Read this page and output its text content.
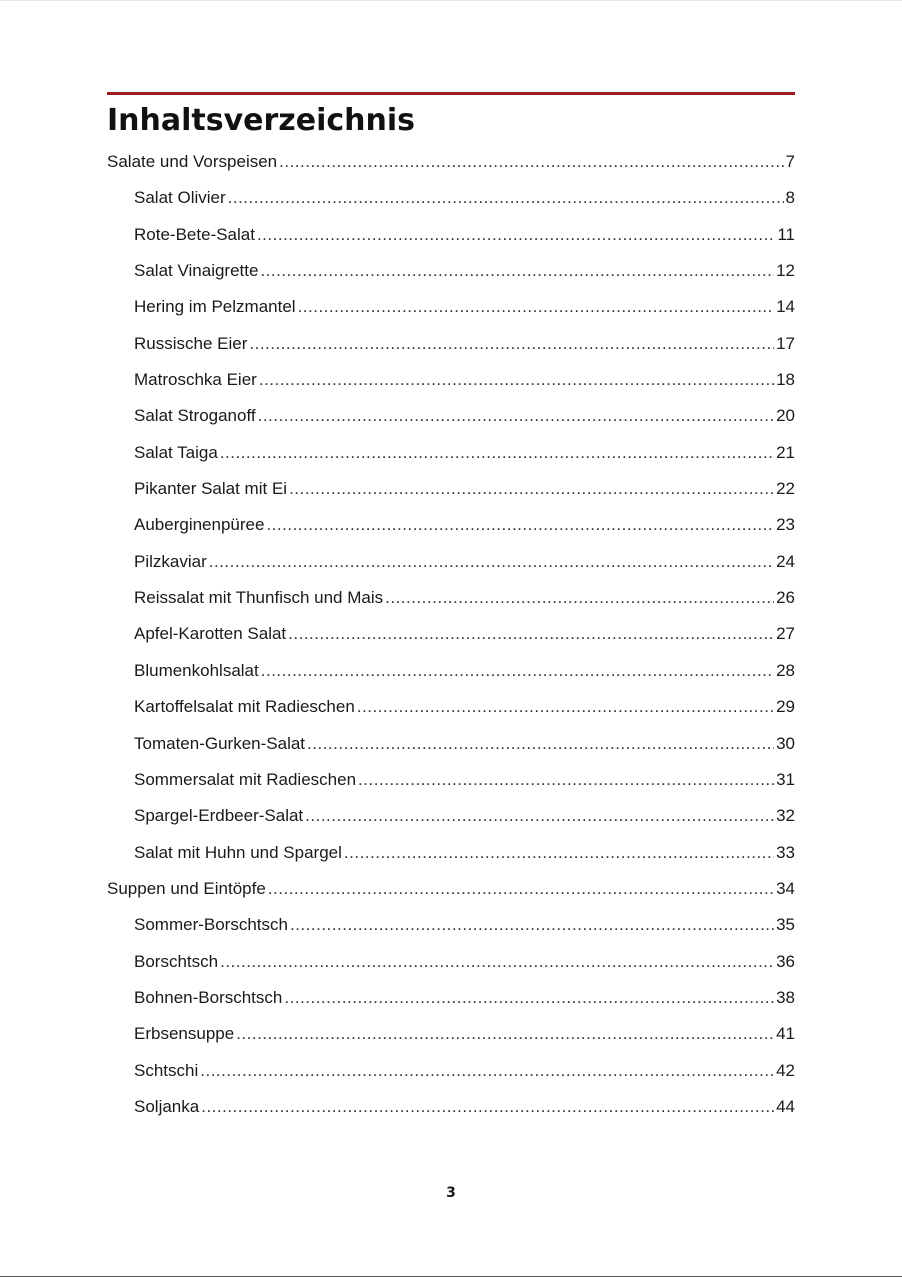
Inhaltsverzeichnis
Salate und Vorspeisen .....	7
Salat Olivier .....	8
Rote-Bete-Salat .....	11
Salat Vinaigrette .....	12
Hering im Pelzmantel .....	14
Russische Eier .....	17
Matroschka Eier .....	18
Salat Stroganoff .....	20
Salat Taiga .....	21
Pikanter Salat mit Ei .....	22
Auberginenpüree .....	23
Pilzkaviar .....	24
Reissalat mit Thunfisch und Mais .....	26
Apfel-Karotten Salat .....	27
Blumenkohlsalat .....	28
Kartoffelsalat mit Radieschen .....	29
Tomaten-Gurken-Salat .....	30
Sommersalat mit Radieschen .....	31
Spargel-Erdbeer-Salat .....	32
Salat mit Huhn und Spargel .....	33
Suppen und Eintöpfe .....	34
Sommer-Borschtsch .....	35
Borschtsch .....	36
Bohnen-Borschtsch .....	38
Erbsensuppe .....	41
Schtschi .....	42
Soljanka .....	44
3
